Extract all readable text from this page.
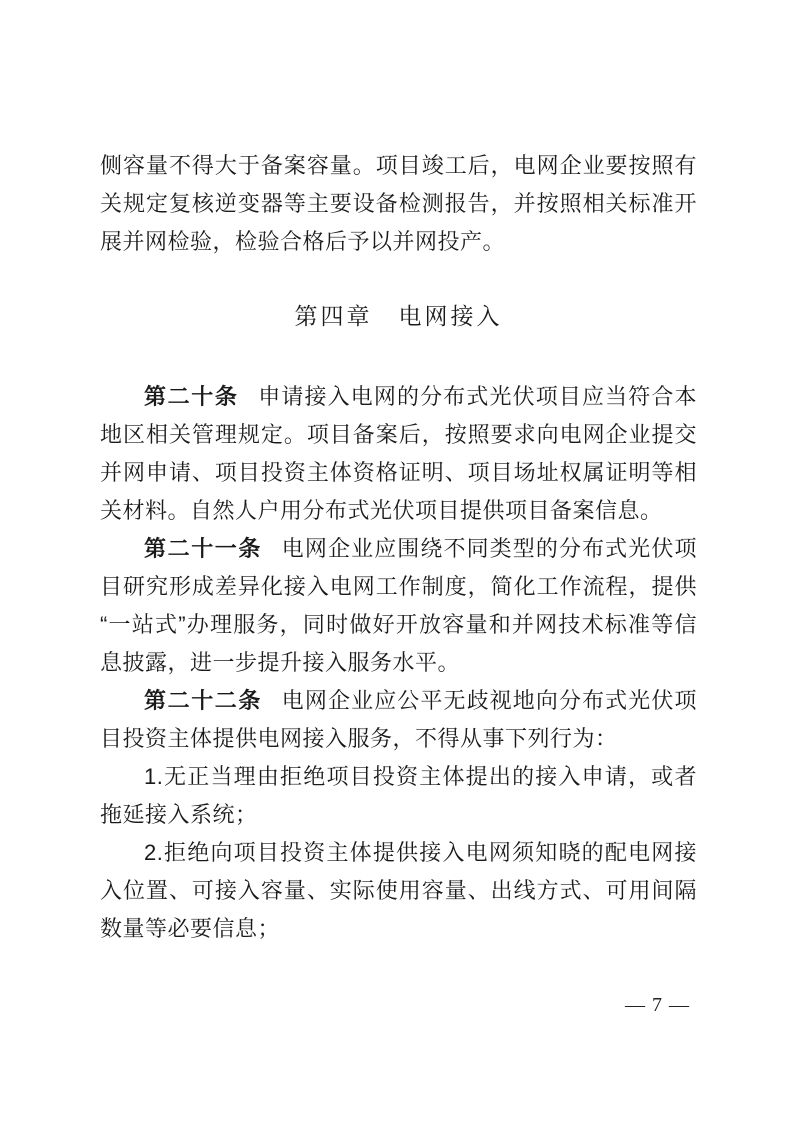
侧容量不得大于备案容量。项目竣工后，电网企业要按照有关规定复核逆变器等主要设备检测报告，并按照相关标准开展并网检验，检验合格后予以并网投产。

第四章　电网接入

第二十条 申请接入电网的分布式光伏项目应当符合本地区相关管理规定。项目备案后，按照要求向电网企业提交并网申请、项目投资主体资格证明、项目场址权属证明等相关材料。自然人户用分布式光伏项目提供项目备案信息。

第二十一条 电网企业应围绕不同类型的分布式光伏项目研究形成差异化接入电网工作制度，简化工作流程，提供“一站式”办理服务，同时做好开放容量和并网技术标准等信息披露，进一步提升接入服务水平。

第二十二条 电网企业应公平无歧视地向分布式光伏项目投资主体提供电网接入服务，不得从事下列行为：

1.无正当理由拒绝项目投资主体提出的接入申请，或者拖延接入系统；

2.拒绝向项目投资主体提供接入电网须知晓的配电网接入位置、可接入容量、实际使用容量、出线方式、可用间隔数量等必要信息；

— 7 —
